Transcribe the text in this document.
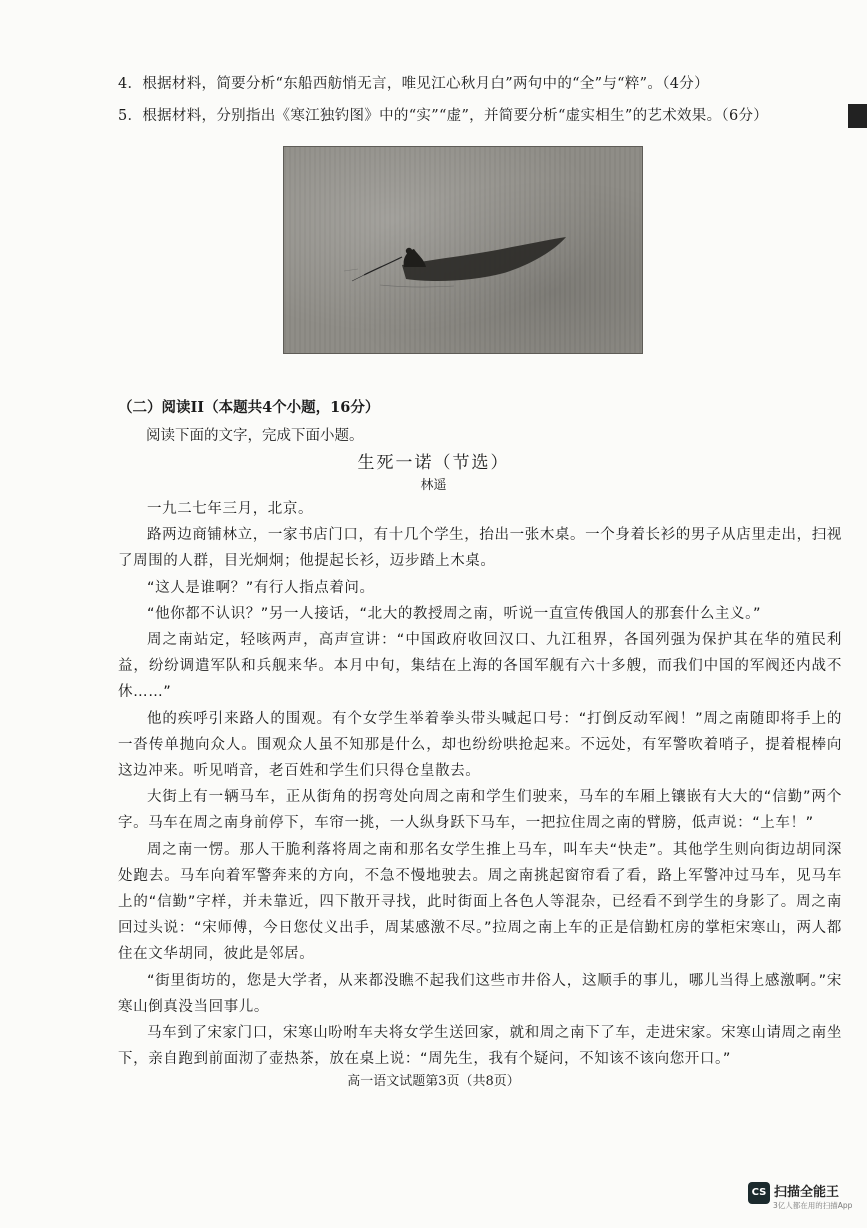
4．根据材料，简要分析“东船西舫悄无言，唯见江心秋月白”两句中的“全”与“粹”。（4分）
5．根据材料，分别指出《寒江独钓图》中的“实”“虚”，并简要分析“虚实相生”的艺术效果。（6分）
（二）阅读II（本题共4个小题，16分）
阅读下面的文字，完成下面小题。
生死一诺（节选）
林遥

一九二七年三月，北京。

路两边商铺林立，一家书店门口，有十几个学生，抬出一张木桌。一个身着长衫的男子从店里走出，扫视了周围的人群，目光炯炯；他提起长衫，迈步踏上木桌。

“这人是谁啊？”有行人指点着问。

“他你都不认识？”另一人接话，“北大的教授周之南，听说一直宣传俄国人的那套什么主义。”

周之南站定，轻咳两声，高声宣讲：“中国政府收回汉口、九江租界，各国列强为保护其在华的殖民利益，纷纷调遣军队和兵舰来华。本月中旬，集结在上海的各国军舰有六十多艘，而我们中国的军阀还内战不休……”

他的疾呼引来路人的围观。有个女学生举着拳头带头喊起口号：“打倒反动军阀！”周之南随即将手上的一沓传单抛向众人。围观众人虽不知那是什么，却也纷纷哄抢起来。不远处，有军警吹着哨子，提着棍棒向这边冲来。听见哨音，老百姓和学生们只得仓皇散去。

大街上有一辆马车，正从街角的拐弯处向周之南和学生们驶来，马车的车厢上镶嵌有大大的“信勤”两个字。马车在周之南身前停下，车帘一挑，一人纵身跃下马车，一把拉住周之南的臂膀，低声说：“上车！”

周之南一愣。那人干脆利落将周之南和那名女学生推上马车，叫车夫“快走”。其他学生则向街边胡同深处跑去。马车向着军警奔来的方向，不急不慢地驶去。周之南挑起窗帘看了看，路上军警冲过马车，见马车上的“信勤”字样，并未靠近，四下散开寻找，此时街面上各色人等混杂，已经看不到学生的身影了。周之南回过头说：“宋师傅，今日您仗义出手，周某感激不尽。”拉周之南上车的正是信勤杠房的掌柜宋寒山，两人都住在文华胡同，彼此是邻居。

“街里街坊的，您是大学者，从来都没瞧不起我们这些市井俗人，这顺手的事儿，哪儿当得上感激啊。”宋寒山倒真没当回事儿。

马车到了宋家门口，宋寒山吩咐车夫将女学生送回家，就和周之南下了车，走进宋家。宋寒山请周之南坐下，亲自跑到前面沏了壶热茶，放在桌上说：“周先生，我有个疑问，不知该不该向您开口。”

高一语文试题第3页（共8页）
CS 扫描全能王
3亿人都在用的扫描App
